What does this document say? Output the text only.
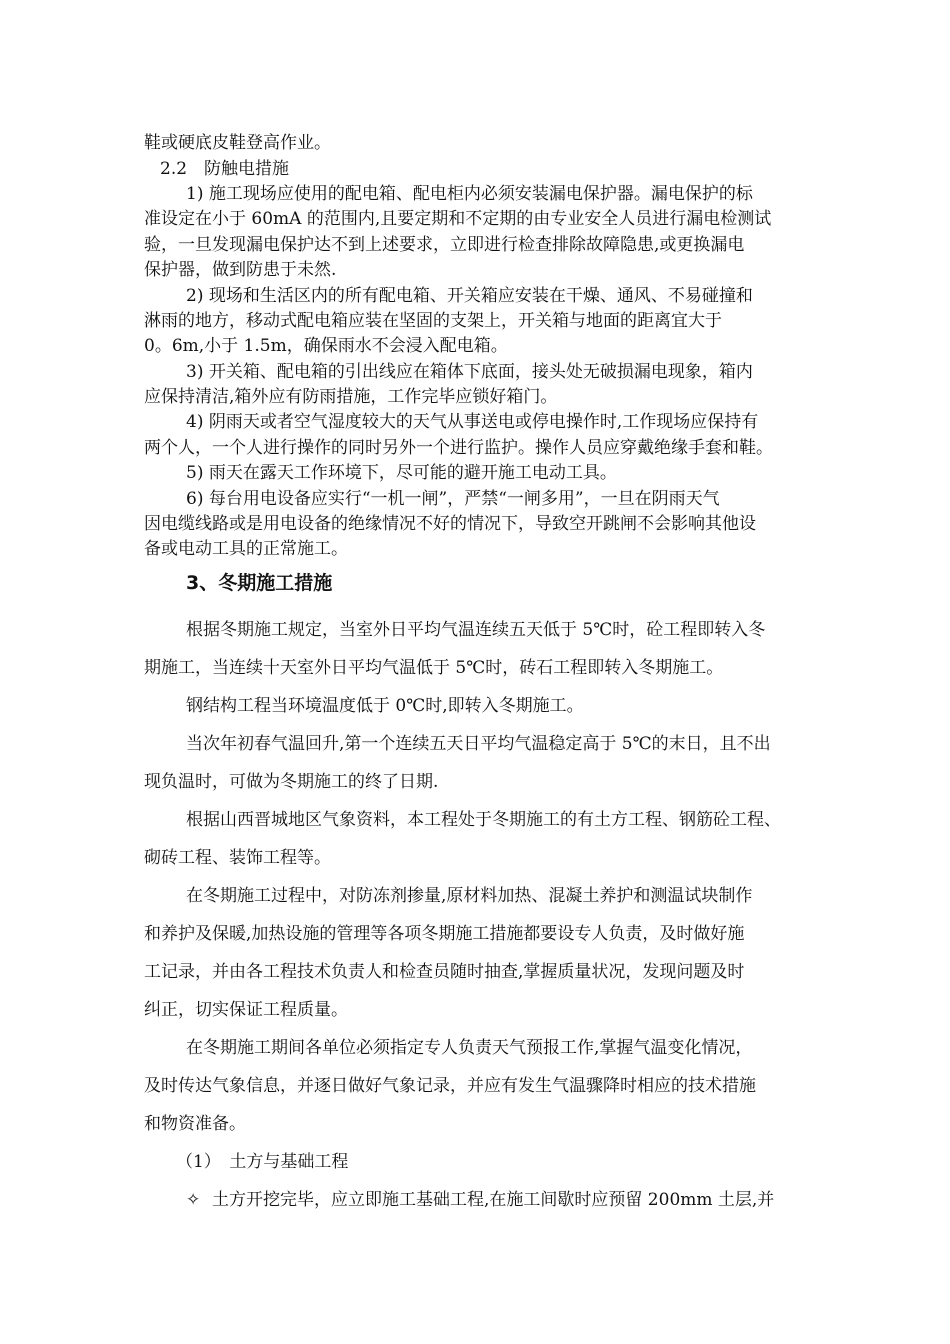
鞋或硬底皮鞋登高作业。
2.2　防触电措施
1) 施工现场应使用的配电箱、配电柜内必须安装漏电保护器。漏电保护的标
准设定在小于 60mA 的范围内,且要定期和不定期的由专业安全人员进行漏电检测试
验，一旦发现漏电保护达不到上述要求，立即进行检查排除故障隐患,或更换漏电
保护器，做到防患于未然.
2) 现场和生活区内的所有配电箱、开关箱应安装在干燥、通风、不易碰撞和
淋雨的地方，移动式配电箱应装在坚固的支架上，开关箱与地面的距离宜大于
0。6m,小于 1.5m，确保雨水不会浸入配电箱。
3) 开关箱、配电箱的引出线应在箱体下底面，接头处无破损漏电现象，箱内
应保持清洁,箱外应有防雨措施，工作完毕应锁好箱门。
4) 阴雨天或者空气湿度较大的天气从事送电或停电操作时,工作现场应保持有
两个人，一个人进行操作的同时另外一个进行监护。操作人员应穿戴绝缘手套和鞋。
5) 雨天在露天工作环境下，尽可能的避开施工电动工具。
6) 每台用电设备应实行“一机一闸”，严禁“一闸多用”，一旦在阴雨天气
因电缆线路或是用电设备的绝缘情况不好的情况下，导致空开跳闸不会影响其他设
备或电动工具的正常施工。
3、冬期施工措施
根据冬期施工规定，当室外日平均气温连续五天低于 5℃时，砼工程即转入冬
期施工，当连续十天室外日平均气温低于 5℃时，砖石工程即转入冬期施工。
钢结构工程当环境温度低于 0℃时,即转入冬期施工。
当次年初春气温回升,第一个连续五天日平均气温稳定高于 5℃的末日，且不出
现负温时，可做为冬期施工的终了日期.
根据山西晋城地区气象资料，本工程处于冬期施工的有土方工程、钢筋砼工程、
砌砖工程、装饰工程等。
在冬期施工过程中，对防冻剂掺量,原材料加热、混凝土养护和测温试块制作
和养护及保暖,加热设施的管理等各项冬期施工措施都要设专人负责，及时做好施
工记录，并由各工程技术负责人和检查员随时抽查,掌握质量状况，发现问题及时
纠正，切实保证工程质量。
在冬期施工期间各单位必须指定专人负责天气预报工作,掌握气温变化情况，
及时传达气象信息，并逐日做好气象记录，并应有发生气温骤降时相应的技术措施
和物资准备。
（1）　土方与基础工程
✧ 土方开挖完毕，应立即施工基础工程,在施工间歇时应预留 200mm 土层,并
